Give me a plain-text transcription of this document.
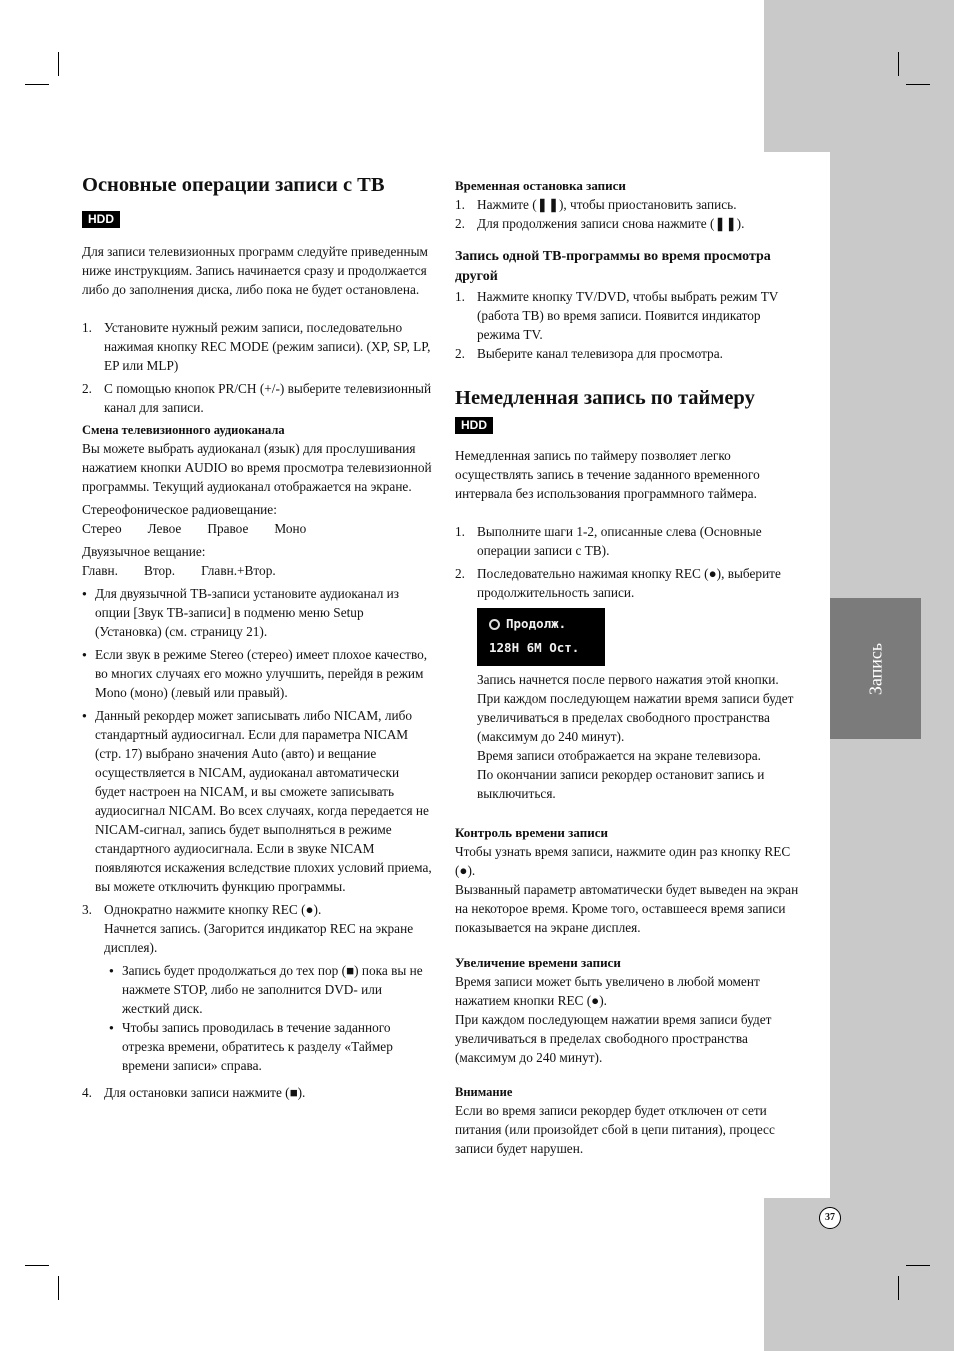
Запись
37
Основные операции записи с ТВ
HDD

Для записи телевизионных программ следуйте приведенным ниже инструкциям. Запись начинается сразу и продолжается либо до заполнения диска, либо пока не будет остановлена.

1. Установите нужный режим записи, последовательно нажимая кнопку REC MODE (режим записи). (XP, SP, LP, EP или MLP)
2. С помощью кнопок PR/CH (+/-) выберите телевизионный канал для записи.
Смена телевизионного аудиоканала

Вы можете выбрать аудиоканал (язык) для прослушивания нажатием кнопки AUDIO во время просмотра телевизионной программы. Текущий аудиоканал отображается на экране.

Стереофоническое радиовещание:

Стерео Левое Правое Моно

Двуязычное вещание:

Главн. Втор. Главн.+Втор.
● Для двуязычной ТВ-записи установите аудиоканал из опции [Звук ТВ-записи] в подменю меню Setup (Установка) (см. страницу 21).
● Если звук в режиме Stereo (стерео) имеет плохое качество, во многих случаях его можно улучшить, перейдя в режим Mono (моно) (левый или правый).
● Данный рекордер может записывать либо NICAM, либо стандартный аудиосигнал. Если для параметра NICAM (стр. 17) выбрано значения Auto (авто) и вещание осуществляется в NICAM, аудиоканал автоматически будет настроен на NICAM, и вы сможете записывать аудиосигнал NICAM. Во всех случаях, когда передается не NICAM-сигнал, запись будет выполняться в режиме стандартного аудиосигнала. Если в звуке NICAM появляются искажения вследствие плохих условий приема, вы можете отключить функцию программы.
3. Однократно нажмите кнопку REC (●).
Начнется запись. (Загорится индикатор REC на экране дисплея).
● Запись будет продолжаться до тех пор (■) пока вы не нажмете STOP, либо не заполнится DVD- или жесткий диск.
● Чтобы запись проводилась в течение заданного отрезка времени, обратитесь к разделу «Таймер времени записи» справа.
4. Для остановки записи нажмите (■).
Временная остановка записи
1. Нажмите (❚❚), чтобы приостановить запись.
2. Для продолжения записи снова нажмите (❚❚).
Запись одной ТВ-программы во время просмотра другой
1. Нажмите кнопку TV/DVD, чтобы выбрать режим TV (работа ТВ) во время записи. Появится индикатор режима TV.
2. Выберите канал телевизора для просмотра.
Немедленная запись по таймеру
HDD

Немедленная запись по таймеру позволяет легко осуществлять запись в течение заданного временного интервала без использования программного таймера.

1. Выполните шаги 1-2, описанные слева (Основные операции записи с ТВ).
2. Последовательно нажимая кнопку REC (●), выберите продолжительность записи.
Продолж.
128H 6M Ост.

Запись начнется после первого нажатия этой кнопки. При каждом последующем нажатии время записи будет увеличиваться в пределах свободного пространства (максимум до 240 минут).

Время записи отображается на экране телевизора.

По окончании записи рекордер остановит запись и выключиться.

Контроль времени записи

Чтобы узнать время записи, нажмите один раз кнопку REC (●).

Вызванный параметр автоматически будет выведен на экран на некоторое время. Кроме того, оставшееся время записи показывается на экране дисплея.

Увеличение времени записи

Время записи может быть увеличено в любой момент нажатием кнопки REC (●).

При каждом последующем нажатии время записи будет увеличиваться в пределах свободного пространства (максимум до 240 минут).

Внимание

Если во время записи рекордер будет отключен от сети питания (или произойдет сбой в цепи питания), процесс записи будет нарушен.
